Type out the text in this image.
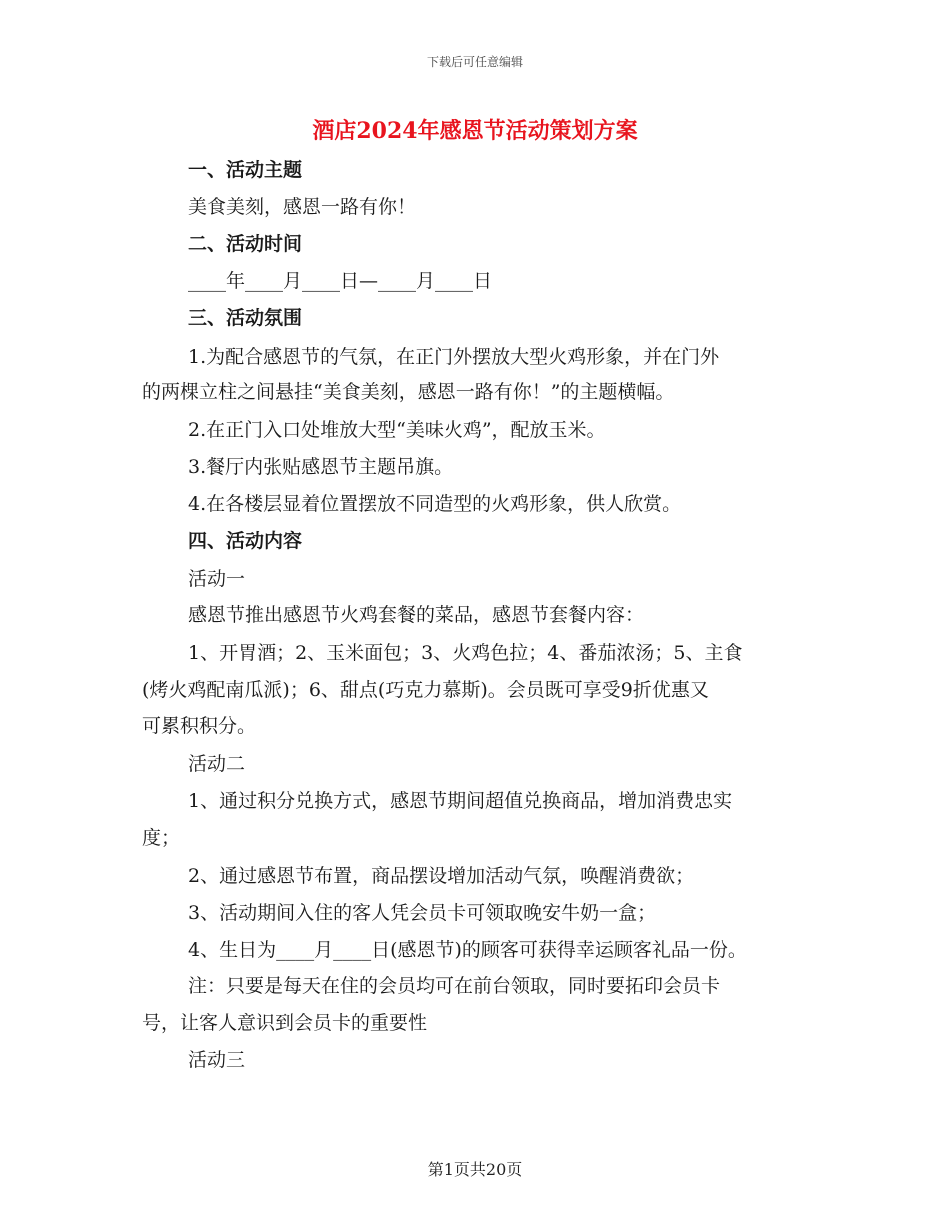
下载后可任意编辑
酒店2024年感恩节活动策划方案
一、活动主题
美食美刻，感恩一路有你！
二、活动时间
____年____月____日—____月____日
三、活动氛围
1.为配合感恩节的气氛，在正门外摆放大型火鸡形象，并在门外
的两棵立柱之间悬挂“美食美刻，感恩一路有你！”的主题横幅。
2.在正门入口处堆放大型“美味火鸡”，配放玉米。
3.餐厅内张贴感恩节主题吊旗。
4.在各楼层显着位置摆放不同造型的火鸡形象，供人欣赏。
四、活动内容
活动一
感恩节推出感恩节火鸡套餐的菜品，感恩节套餐内容：
1、开胃酒；2、玉米面包；3、火鸡色拉；4、番茄浓汤；5、主食
(烤火鸡配南瓜派)；6、甜点(巧克力慕斯)。会员既可享受9折优惠又
可累积积分。
活动二
1、通过积分兑换方式，感恩节期间超值兑换商品，增加消费忠实
度；
2、通过感恩节布置，商品摆设增加活动气氛，唤醒消费欲；
3、活动期间入住的客人凭会员卡可领取晚安牛奶一盒；
4、生日为____月____日(感恩节)的顾客可获得幸运顾客礼品一份。
注：只要是每天在住的会员均可在前台领取，同时要拓印会员卡
号，让客人意识到会员卡的重要性
活动三
第1页共20页
